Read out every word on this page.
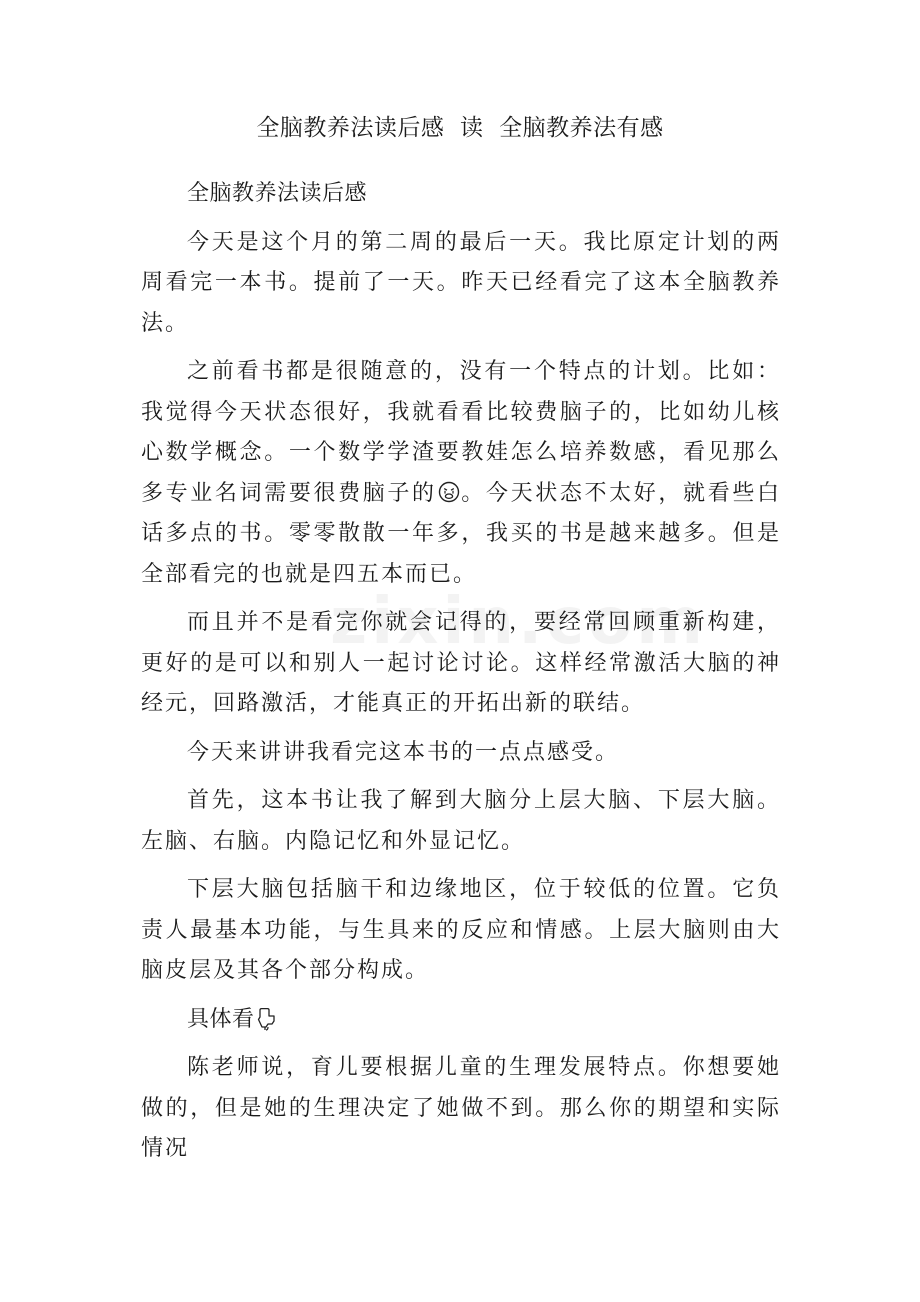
全脑教养法读后感  读  全脑教养法有感

全脑教养法读后感

今天是这个月的第二周的最后一天。我比原定计划的两周看完一本书。提前了一天。昨天已经看完了这本全脑教养法。

之前看书都是很随意的，没有一个特点的计划。比如：我觉得今天状态很好，我就看看比较费脑子的，比如幼儿核心数学概念。一个数学学渣要教娃怎么培养数感，看见那么多专业名词需要很费脑子的 。今天状态不太好，就看些白话多点的书。零零散散一年多，我买的书是越来越多。但是全部看完的也就是四五本而已。

而且并不是看完你就会记得的，要经常回顾重新构建，更好的是可以和别人一起讨论讨论。这样经常激活大脑的神经元，回路激活，才能真正的开拓出新的联结。

今天来讲讲我看完这本书的一点点感受。

首先，这本书让我了解到大脑分上层大脑、下层大脑。左脑、右脑。内隐记忆和外显记忆。

下层大脑包括脑干和边缘地区，位于较低的位置。它负责人最基本功能，与生具来的反应和情感。上层大脑则由大脑皮层及其各个部分构成。

具体看

陈老师说，育儿要根据儿童的生理发展特点。你想要她做的，但是她的生理决定了她做不到。那么你的期望和实际情况
